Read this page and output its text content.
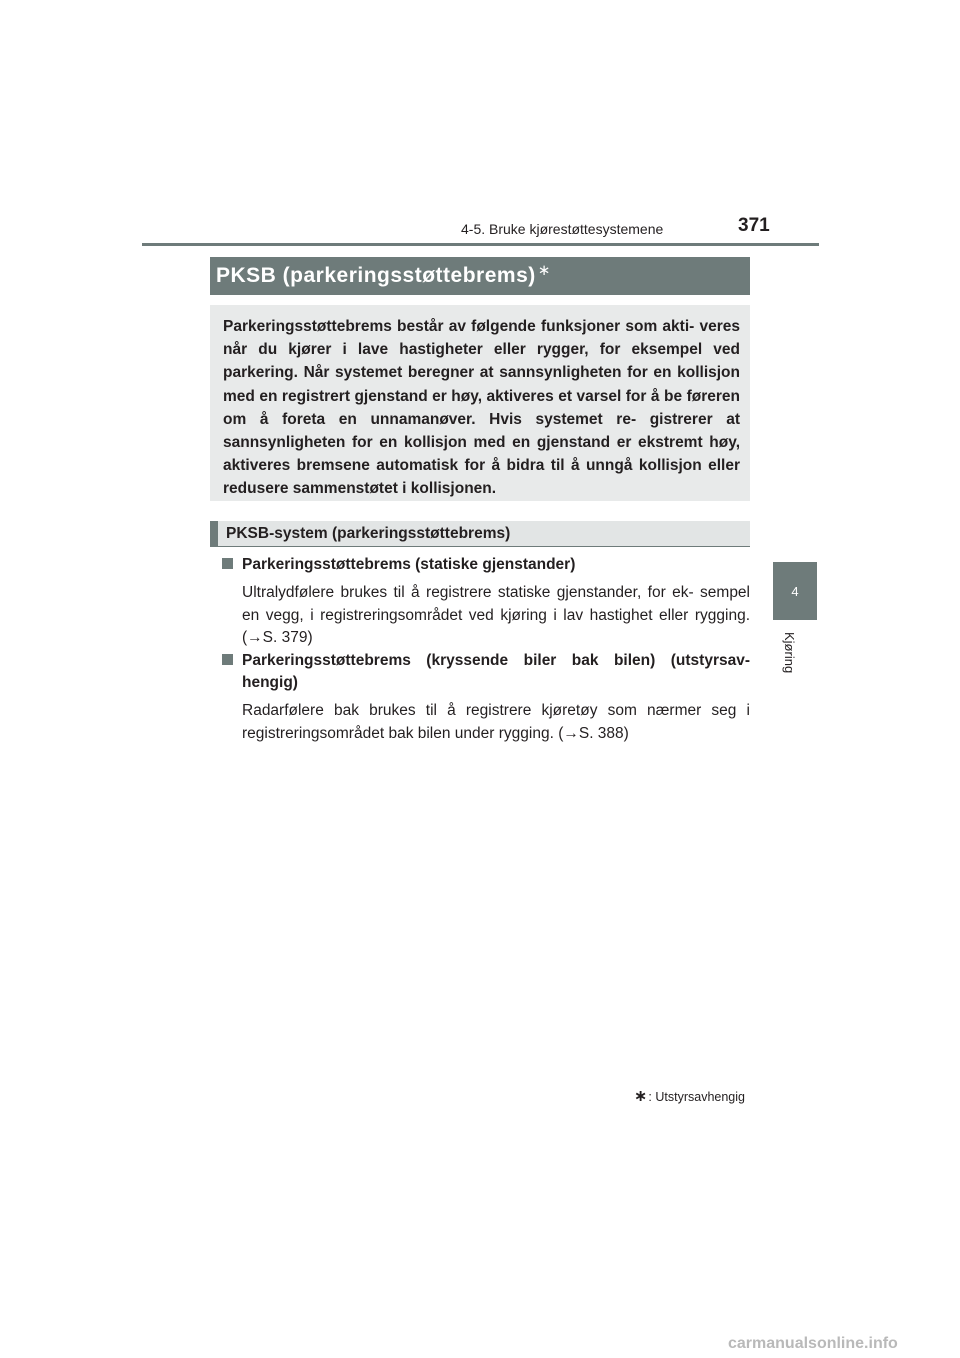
4-5. Bruke kjørestøttesystemene	371
4
Kjøring
PKSB (parkeringsstøttebrems) ∗

Parkeringsstøttebrems består av følgende funksjoner som akti- veres når du kjører i lave hastigheter eller rygger, for eksempel ved parkering. Når systemet beregner at sannsynligheten for en kollisjon med en registrert gjenstand er høy, aktiveres et varsel for å be føreren om å foreta en unnamanøver. Hvis systemet re- gistrerer at sannsynligheten for en kollisjon med en gjenstand er ekstremt høy, aktiveres bremsene automatisk for å bidra til å unngå kollisjon eller redusere sammenstøtet i kollisjonen.

PKSB-system (parkeringsstøttebrems)
Parkeringsstøttebrems (statiske gjenstander)
Ultralydfølere brukes til å registrere statiske gjenstander, for ek- sempel en vegg, i registreringsområdet ved kjøring i lav hastighet eller rygging. (→S. 379)
Parkeringsstøttebrems (kryssende biler bak bilen) (utstyrsav- hengig)
Radarfølere bak brukes til å registrere kjøretøy som nærmer seg i registreringsområdet bak bilen under rygging. (→S. 388)
∗: Utstyrsavhengig
carmanualsonline.info
